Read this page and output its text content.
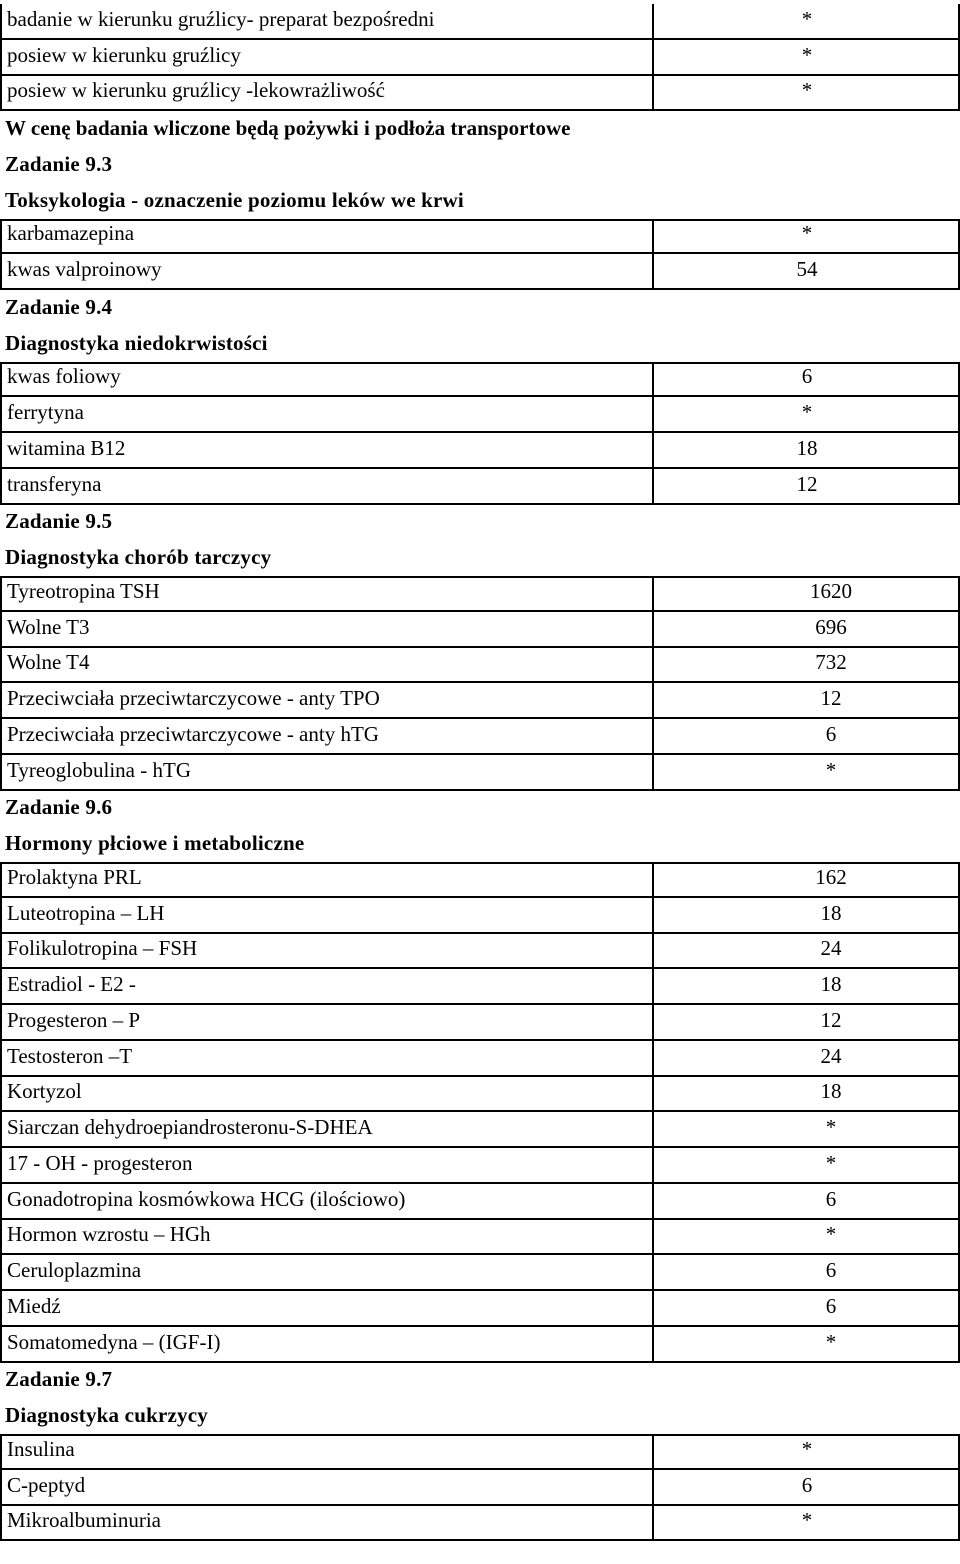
badanie w kierunku gruźlicy- preparat bezpośredni	*
posiew w kierunku gruźlicy	*
posiew w kierunku gruźlicy -lekowrażliwość	*
W cenę badania wliczone będą pożywki i podłoża transportowe
Zadanie 9.3
Toksykologia - oznaczenie poziomu leków we krwi
karbamazepina	*
kwas valproinowy	54
Zadanie 9.4
Diagnostyka niedokrwistości
kwas foliowy	6
ferrytyna	*
witamina B12	18
transferyna	12
Zadanie 9.5
Diagnostyka chorób tarczycy
Tyreotropina TSH	1620
Wolne T3	696
Wolne T4	732
Przeciwciała przeciwtarczycowe - anty TPO	12
Przeciwciała przeciwtarczycowe - anty hTG	6
Tyreoglobulina - hTG	*
Zadanie 9.6
Hormony płciowe i metaboliczne
Prolaktyna PRL	162
Luteotropina – LH	18
Folikulotropina – FSH	24
Estradiol - E2 -	18
Progesteron – P	12
Testosteron –T	24
Kortyzol	18
Siarczan dehydroepiandrosteronu-S-DHEA	*
17 - OH - progesteron	*
Gonadotropina kosmówkowa HCG (ilościowo)	6
Hormon wzrostu – HGh	*
Ceruloplazmina	6
Miedź	6
Somatomedyna – (IGF-I)	*
Zadanie 9.7
Diagnostyka cukrzycy
Insulina	*
C-peptyd	6
Mikroalbuminuria	*
